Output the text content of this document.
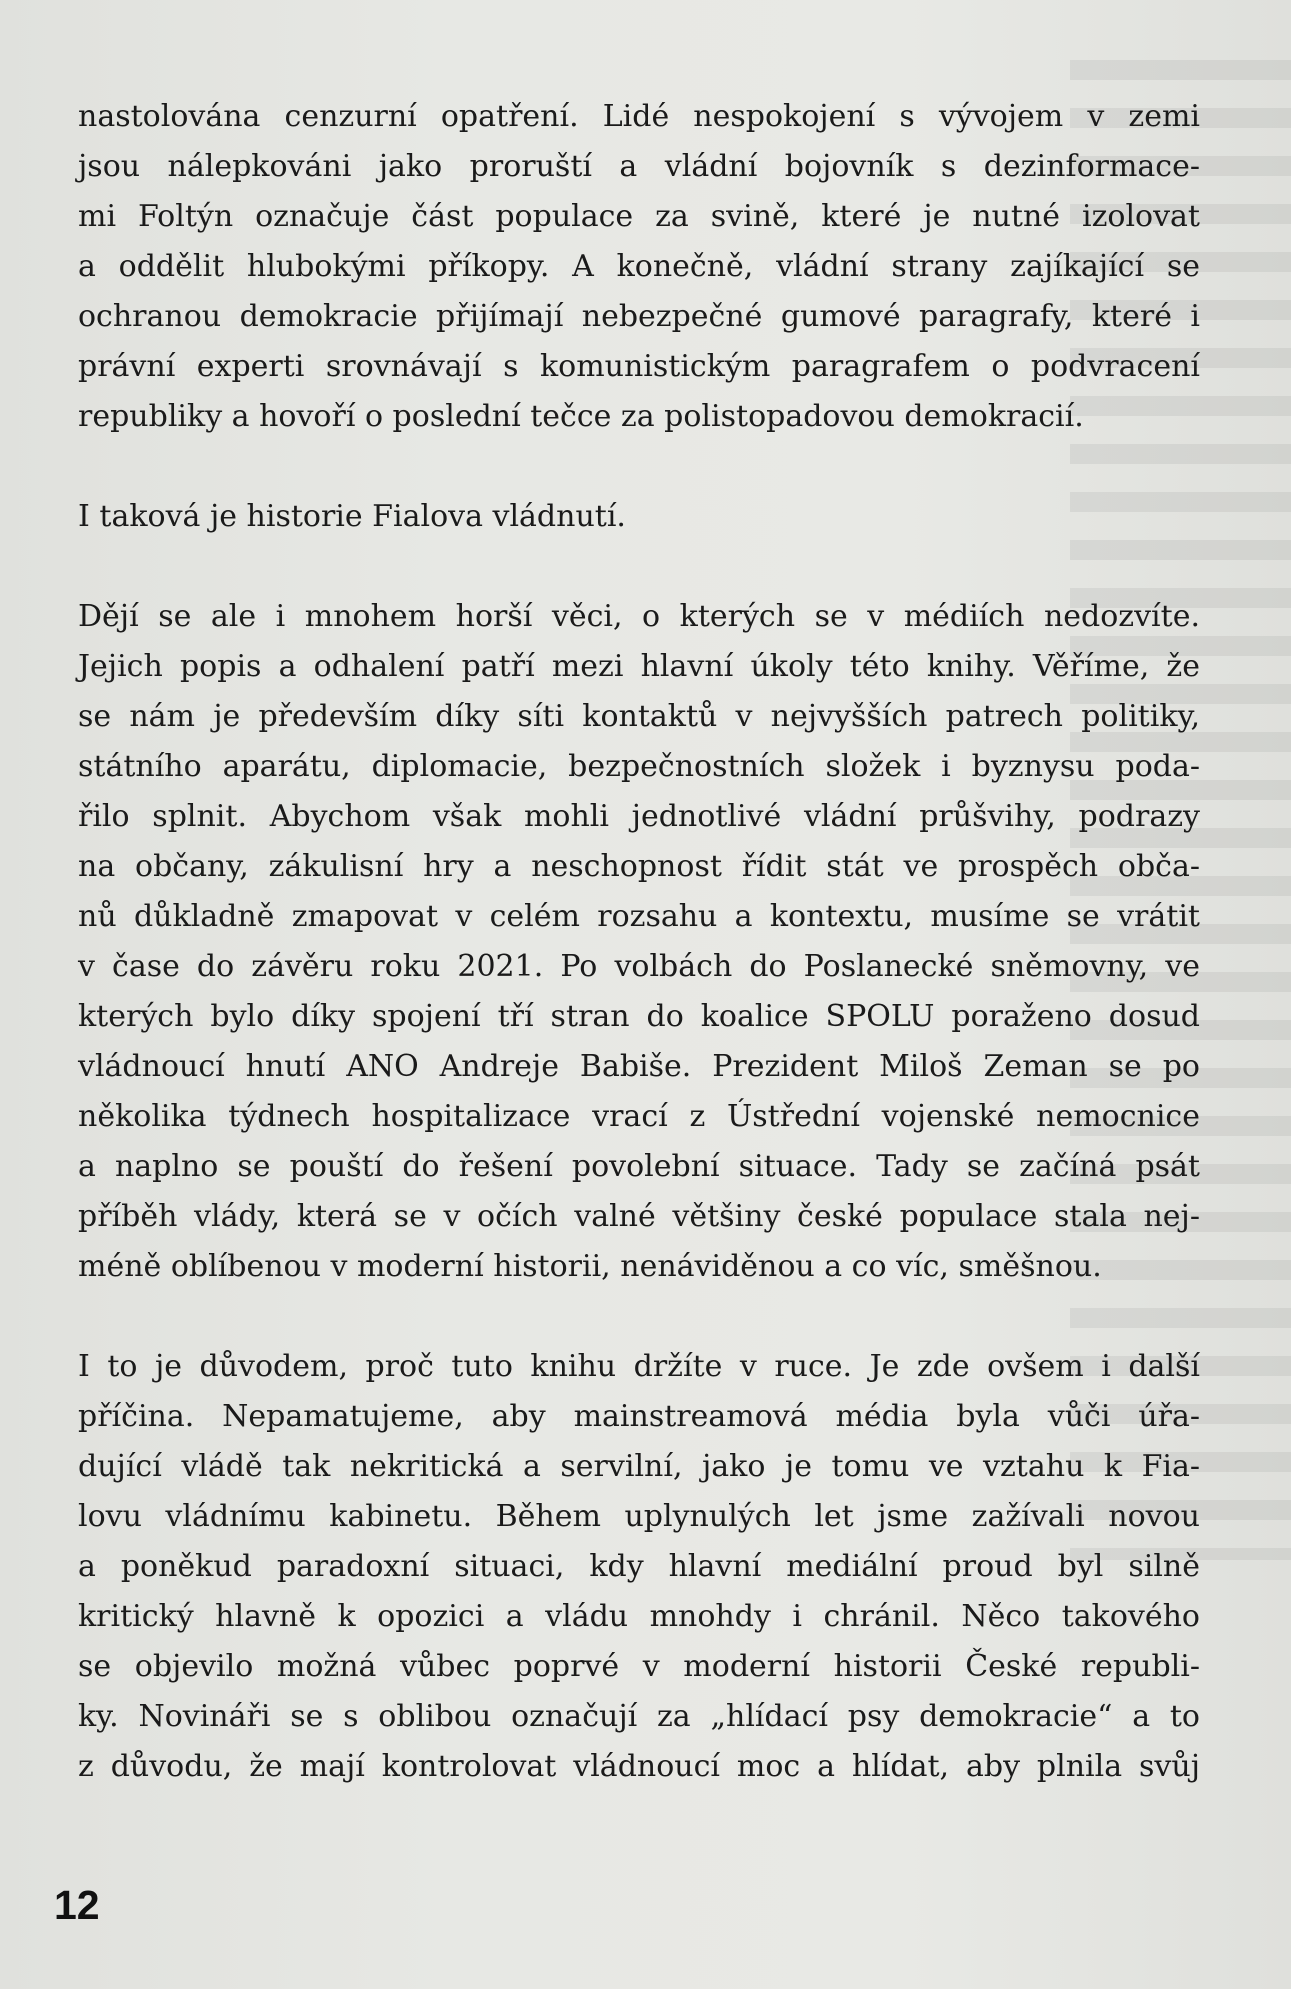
nastolována cenzurní opatření. Lidé nespokojení s vývojem v zemi
jsou nálepkováni jako proruští a vládní bojovník s dezinformace-
mi Foltýn označuje část populace za svině, které je nutné izolovat
a oddělit hlubokými příkopy. A konečně, vládní strany zajíkající se
ochranou demokracie přijímají nebezpečné gumové paragrafy, které i
právní experti srovnávají s komunistickým paragrafem o podvracení
republiky a hovoří o poslední tečce za polistopadovou demokracií.

I taková je historie Fialova vládnutí.

Dějí se ale i mnohem horší věci, o kterých se v médiích nedozvíte.
Jejich popis a odhalení patří mezi hlavní úkoly této knihy. Věříme, že
se nám je především díky síti kontaktů v nejvyšších patrech politiky,
státního aparátu, diplomacie, bezpečnostních složek i byznysu poda-
řilo splnit. Abychom však mohli jednotlivé vládní průšvihy, podrazy
na občany, zákulisní hry a neschopnost řídit stát ve prospěch obča-
nů důkladně zmapovat v celém rozsahu a kontextu, musíme se vrátit
v čase do závěru roku 2021. Po volbách do Poslanecké sněmovny, ve
kterých bylo díky spojení tří stran do koalice SPOLU poraženo dosud
vládnoucí hnutí ANO Andreje Babiše. Prezident Miloš Zeman se po
několika týdnech hospitalizace vrací z Ústřední vojenské nemocnice
a naplno se pouští do řešení povolební situace. Tady se začíná psát
příběh vlády, která se v očích valné většiny české populace stala nej-
méně oblíbenou v moderní historii, nenáviděnou a co víc, směšnou.

I to je důvodem, proč tuto knihu držíte v ruce. Je zde ovšem i další
příčina. Nepamatujeme, aby mainstreamová média byla vůči úřa-
dující vládě tak nekritická a servilní, jako je tomu ve vztahu k Fia-
lovu vládnímu kabinetu. Během uplynulých let jsme zažívali novou
a poněkud paradoxní situaci, kdy hlavní mediální proud byl silně
kritický hlavně k opozici a vládu mnohdy i chránil. Něco takového
se objevilo možná vůbec poprvé v moderní historii České republi-
ky. Novináři se s oblibou označují za „hlídací psy demokracie“ a to
z důvodu, že mají kontrolovat vládnoucí moc a hlídat, aby plnila svůj

12
